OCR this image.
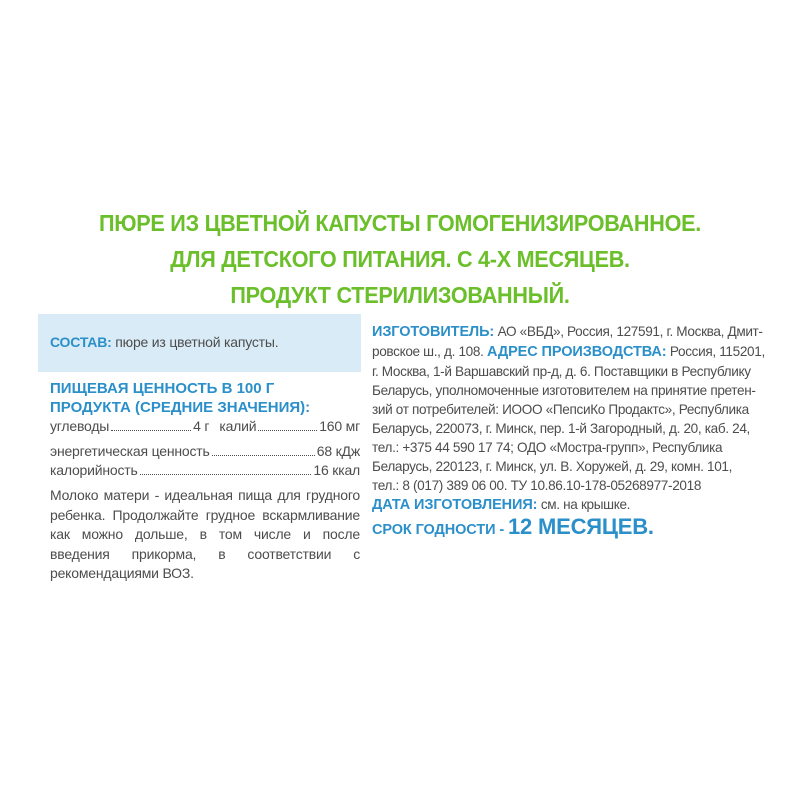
ПЮРЕ ИЗ ЦВЕТНОЙ КАПУСТЫ ГОМОГЕНИЗИРОВАННОЕ.
ДЛЯ ДЕТСКОГО ПИТАНИЯ. С 4-Х МЕСЯЦЕВ.
ПРОДУКТ СТЕРИЛИЗОВАННЫЙ.
СОСТАВ: пюре из цветной капусты.
ПИЩЕВАЯ ЦЕННОСТЬ В 100 Г
ПРОДУКТА (СРЕДНИЕ ЗНАЧЕНИЯ):
углеводы	4 г калий	160 мг
энергетическая ценность	68 кДж
калорийность	16 ккал
Молоко матери - идеальная пища для грудного ребенка. Продолжайте грудное вскармливание как можно дольше, в том числе и после введения прикорма, в соответствии с рекомендациями ВОЗ.
ИЗГОТОВИТЕЛЬ: АО «ВБД», Россия, 127591, г. Москва, Дмит-
ровское ш., д. 108. АДРЕС ПРОИЗВОДСТВА: Россия, 115201,
г. Москва, 1-й Варшавский пр-д, д. 6. Поставщики в Республику
Беларусь, уполномоченные изготовителем на принятие претен-
зий от потребителей: ИООО «ПепсиКо Продактс», Республика
Беларусь, 220073, г. Минск, пер. 1-й Загородный, д. 20, каб. 24,
тел.: +375 44 590 17 74; ОДО «Мостра-групп», Республика
Беларусь, 220123, г. Минск, ул. В. Хоружей, д. 29, комн. 101,
тел.: 8 (017) 389 06 00. ТУ 10.86.10-178-05268977-2018
ДАТА ИЗГОТОВЛЕНИЯ: см. на крышке.
СРОК ГОДНОСТИ - 12 МЕСЯЦЕВ.
